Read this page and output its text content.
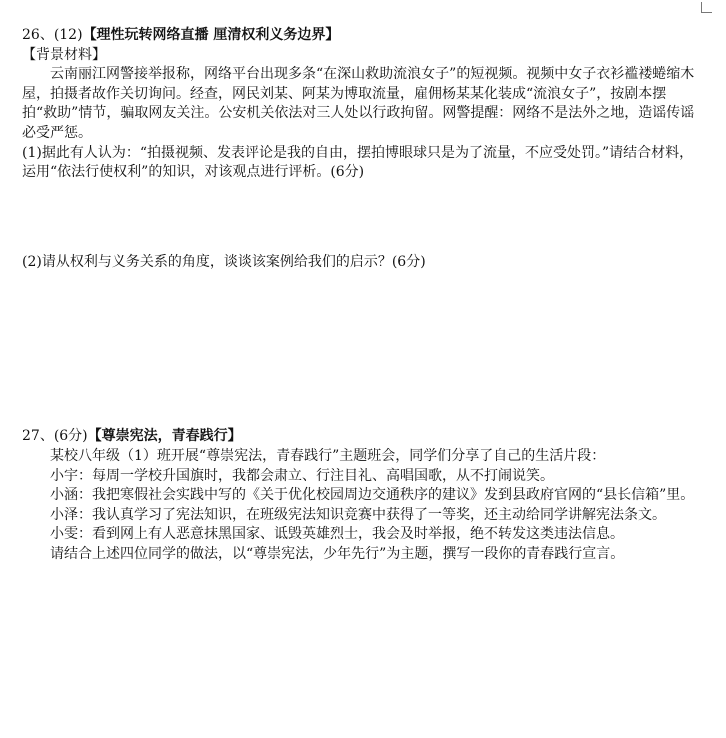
26、(12)【理性玩转网络直播 厘清权利义务边界】

【背景材料】

云南丽江网警接举报称，网络平台出现多条“在深山救助流浪女子”的短视频。视频中女子衣衫褴褛蜷缩木屋，拍摄者故作关切询问。经查，网民刘某、阿某为博取流量，雇佣杨某某化装成“流浪女子”，按剧本摆拍“救助”情节，骗取网友关注。公安机关依法对三人处以行政拘留。网警提醒：网络不是法外之地，造谣传谣必受严惩。

(1)据此有人认为：“拍摄视频、发表评论是我的自由，摆拍博眼球只是为了流量，不应受处罚。”请结合材料，运用“依法行使权利”的知识，对该观点进行评析。(6分)

(2)请从权利与义务关系的角度，谈谈该案例给我们的启示？(6分)

27、(6分)【尊崇宪法，青春践行】

某校八年级（1）班开展“尊崇宪法，青春践行”主题班会，同学们分享了自己的生活片段：

小宇：每周一学校升国旗时，我都会肃立、行注目礼、高唱国歌，从不打闹说笑。

小涵：我把寒假社会实践中写的《关于优化校园周边交通秩序的建议》发到县政府官网的“县长信箱”里。

小泽：我认真学习了宪法知识，在班级宪法知识竞赛中获得了一等奖，还主动给同学讲解宪法条文。

小雯：看到网上有人恶意抹黑国家、诋毁英雄烈士，我会及时举报，绝不转发这类违法信息。

请结合上述四位同学的做法，以“尊崇宪法，少年先行”为主题，撰写一段你的青春践行宣言。
